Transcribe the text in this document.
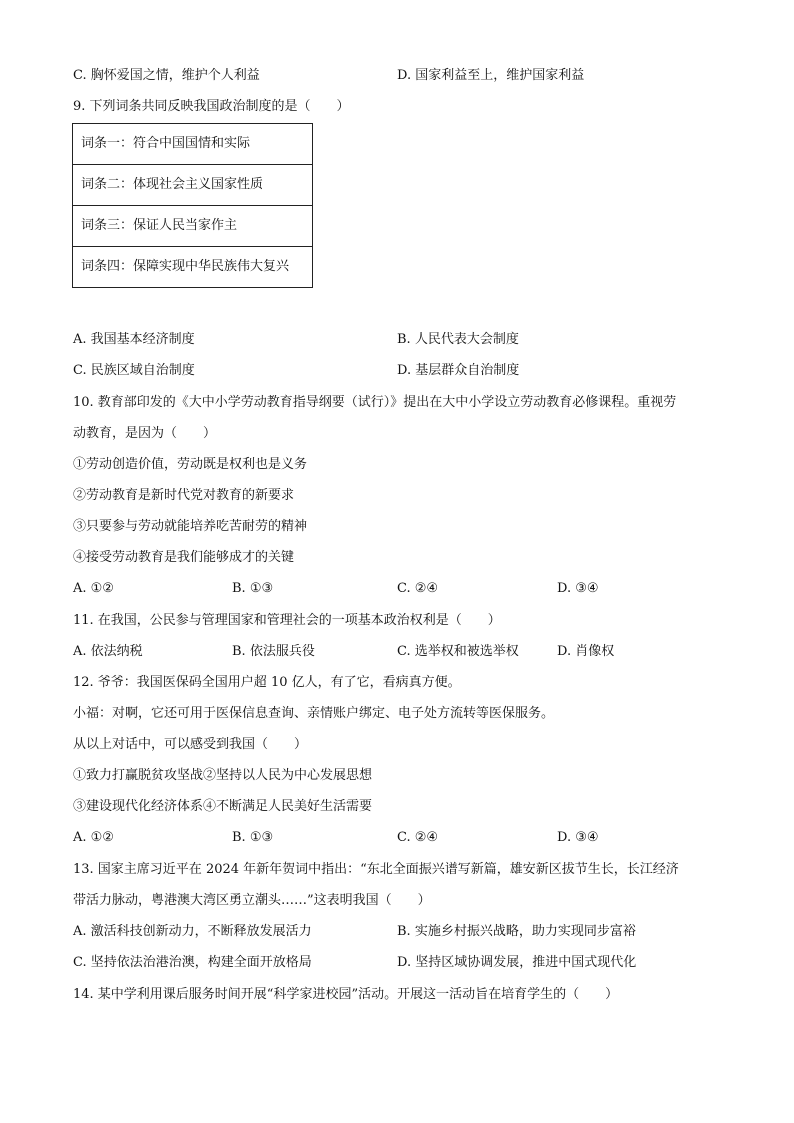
C. 胸怀爱国之情，维护个人利益	D. 国家利益至上，维护国家利益
9. 下列词条共同反映我国政治制度的是（　　）
词条一：符合中国国情和实际
词条二：体现社会主义国家性质
词条三：保证人民当家作主
词条四：保障实现中华民族伟大复兴
A. 我国基本经济制度	B. 人民代表大会制度
C. 民族区域自治制度	D. 基层群众自治制度
10. 教育部印发的《大中小学劳动教育指导纲要（试行）》提出在大中小学设立劳动教育必修课程。重视劳
动教育，是因为（　　）
①劳动创造价值，劳动既是权利也是义务
②劳动教育是新时代党对教育的新要求
③只要参与劳动就能培养吃苦耐劳的精神
④接受劳动教育是我们能够成才的关键
A. ①②	B. ①③	C. ②④	D. ③④
11. 在我国，公民参与管理国家和管理社会的一项基本政治权利是（　　）
A. 依法纳税	B. 依法服兵役	C. 选举权和被选举权	D. 肖像权
12. 爷爷：我国医保码全国用户超 10 亿人，有了它，看病真方便。
小福：对啊，它还可用于医保信息查询、亲情账户绑定、电子处方流转等医保服务。
从以上对话中，可以感受到我国（　　）
①致力打赢脱贫攻坚战②坚持以人民为中心发展思想
③建设现代化经济体系④不断满足人民美好生活需要
A. ①②	B. ①③	C. ②④	D. ③④
13. 国家主席习近平在 2024 年新年贺词中指出：“东北全面振兴谱写新篇，雄安新区拔节生长，长江经济
带活力脉动，粤港澳大湾区勇立潮头……”这表明我国（　　）
A. 激活科技创新动力，不断释放发展活力	B. 实施乡村振兴战略，助力实现同步富裕
C. 坚持依法治港治澳，构建全面开放格局	D. 坚持区域协调发展，推进中国式现代化
14. 某中学利用课后服务时间开展“科学家进校园”活动。开展这一活动旨在培育学生的（　　）
